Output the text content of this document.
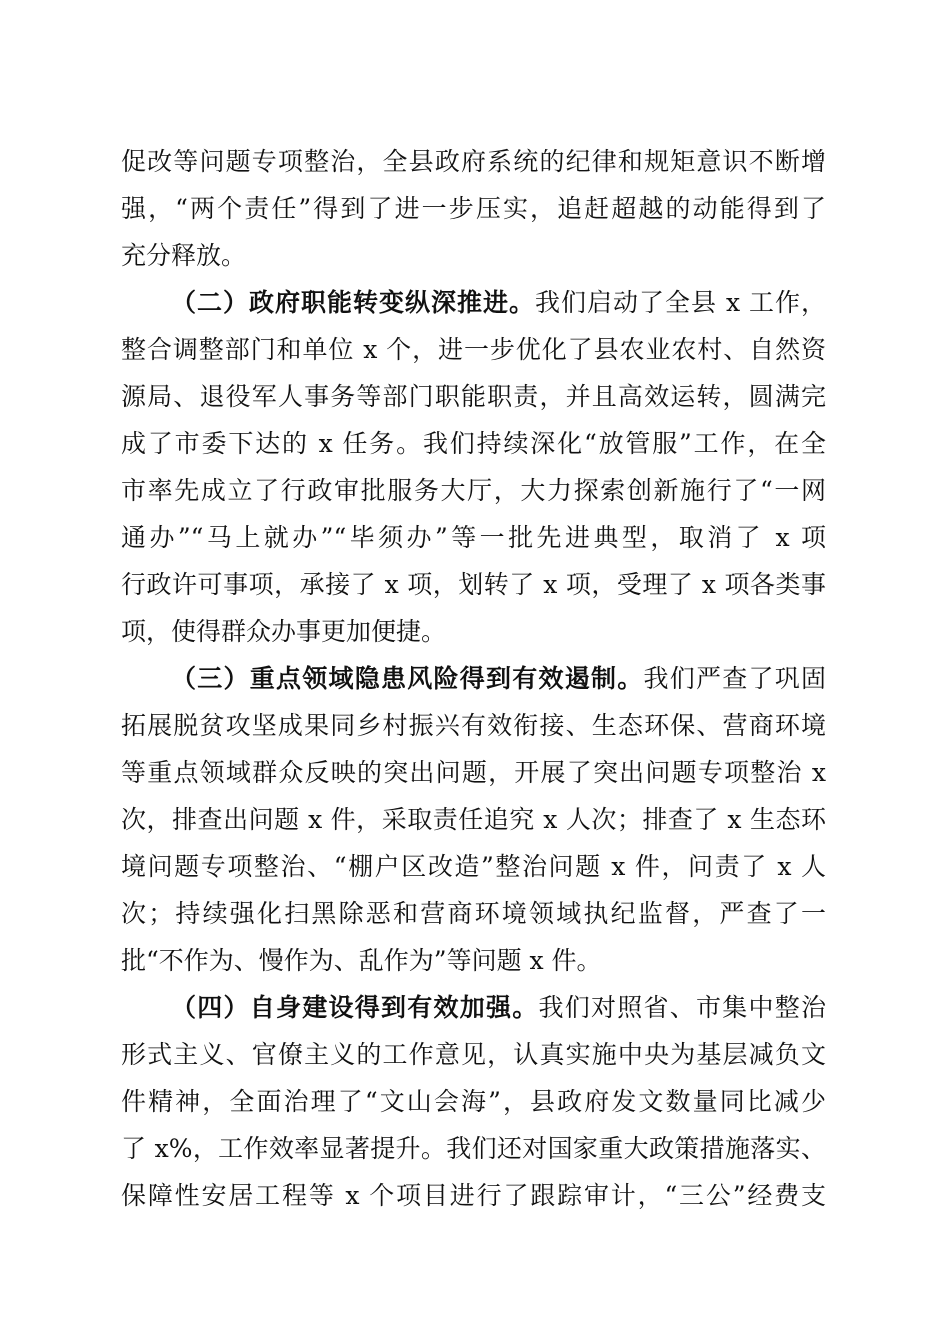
促改等问题专项整治，全县政府系统的纪律和规矩意识不断增
强，“两个责任”得到了进一步压实，追赶超越的动能得到了
充分释放。
（二）政府职能转变纵深推进。我们启动了全县 x 工作，
整合调整部门和单位 x 个，进一步优化了县农业农村、自然资
源局、退役军人事务等部门职能职责，并且高效运转，圆满完
成了市委下达的 x 任务。我们持续深化“放管服”工作，在全
市率先成立了行政审批服务大厅，大力探索创新施行了“一网
通办”“马上就办”“毕须办”等一批先进典型，取消了 x 项
行政许可事项，承接了 x 项，划转了 x 项，受理了 x 项各类事
项，使得群众办事更加便捷。
（三）重点领域隐患风险得到有效遏制。我们严查了巩固
拓展脱贫攻坚成果同乡村振兴有效衔接、生态环保、营商环境
等重点领域群众反映的突出问题，开展了突出问题专项整治 x
次，排查出问题 x 件，采取责任追究 x 人次；排查了 x 生态环
境问题专项整治、“棚户区改造”整治问题 x 件，问责了 x 人
次；持续强化扫黑除恶和营商环境领域执纪监督，严查了一
批“不作为、慢作为、乱作为”等问题 x 件。
（四）自身建设得到有效加强。我们对照省、市集中整治
形式主义、官僚主义的工作意见，认真实施中央为基层减负文
件精神，全面治理了“文山会海”，县政府发文数量同比减少
了 x%，工作效率显著提升。我们还对国家重大政策措施落实、
保障性安居工程等 x 个项目进行了跟踪审计，“三公”经费支
